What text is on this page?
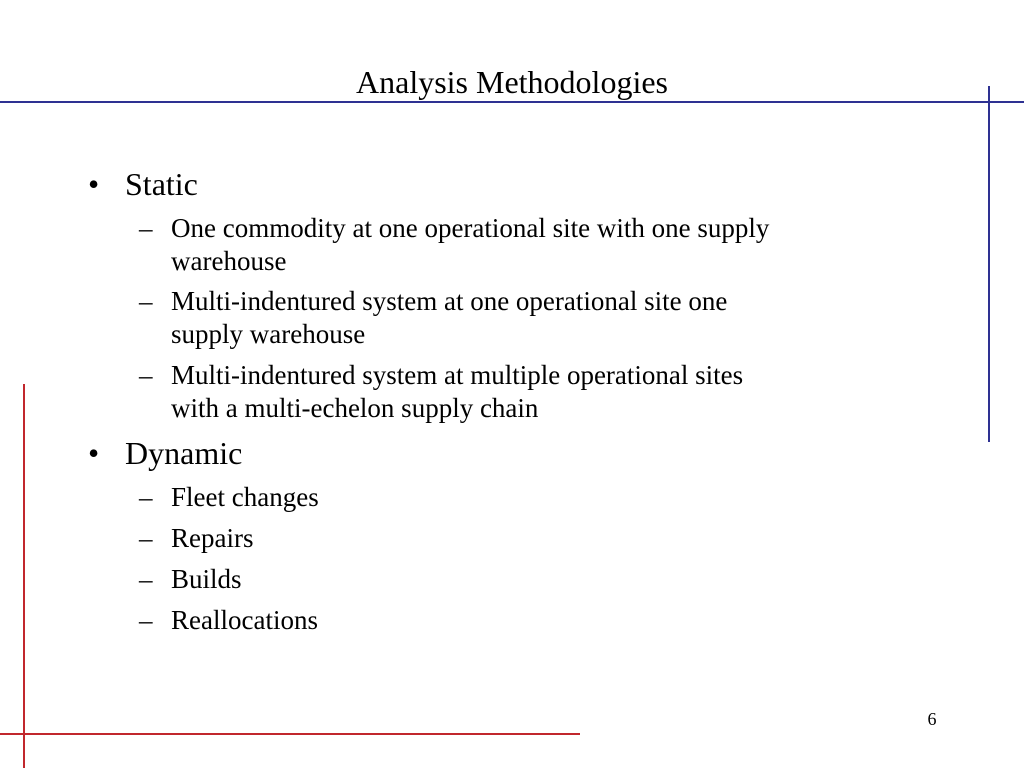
Analysis Methodologies
• Static
– One commodity at one operational site with one supply
warehouse
– Multi-indentured system at one operational site one
supply warehouse
– Multi-indentured system at multiple operational sites
with a multi-echelon supply chain
• Dynamic
– Fleet changes
– Repairs
– Builds
– Reallocations
6
